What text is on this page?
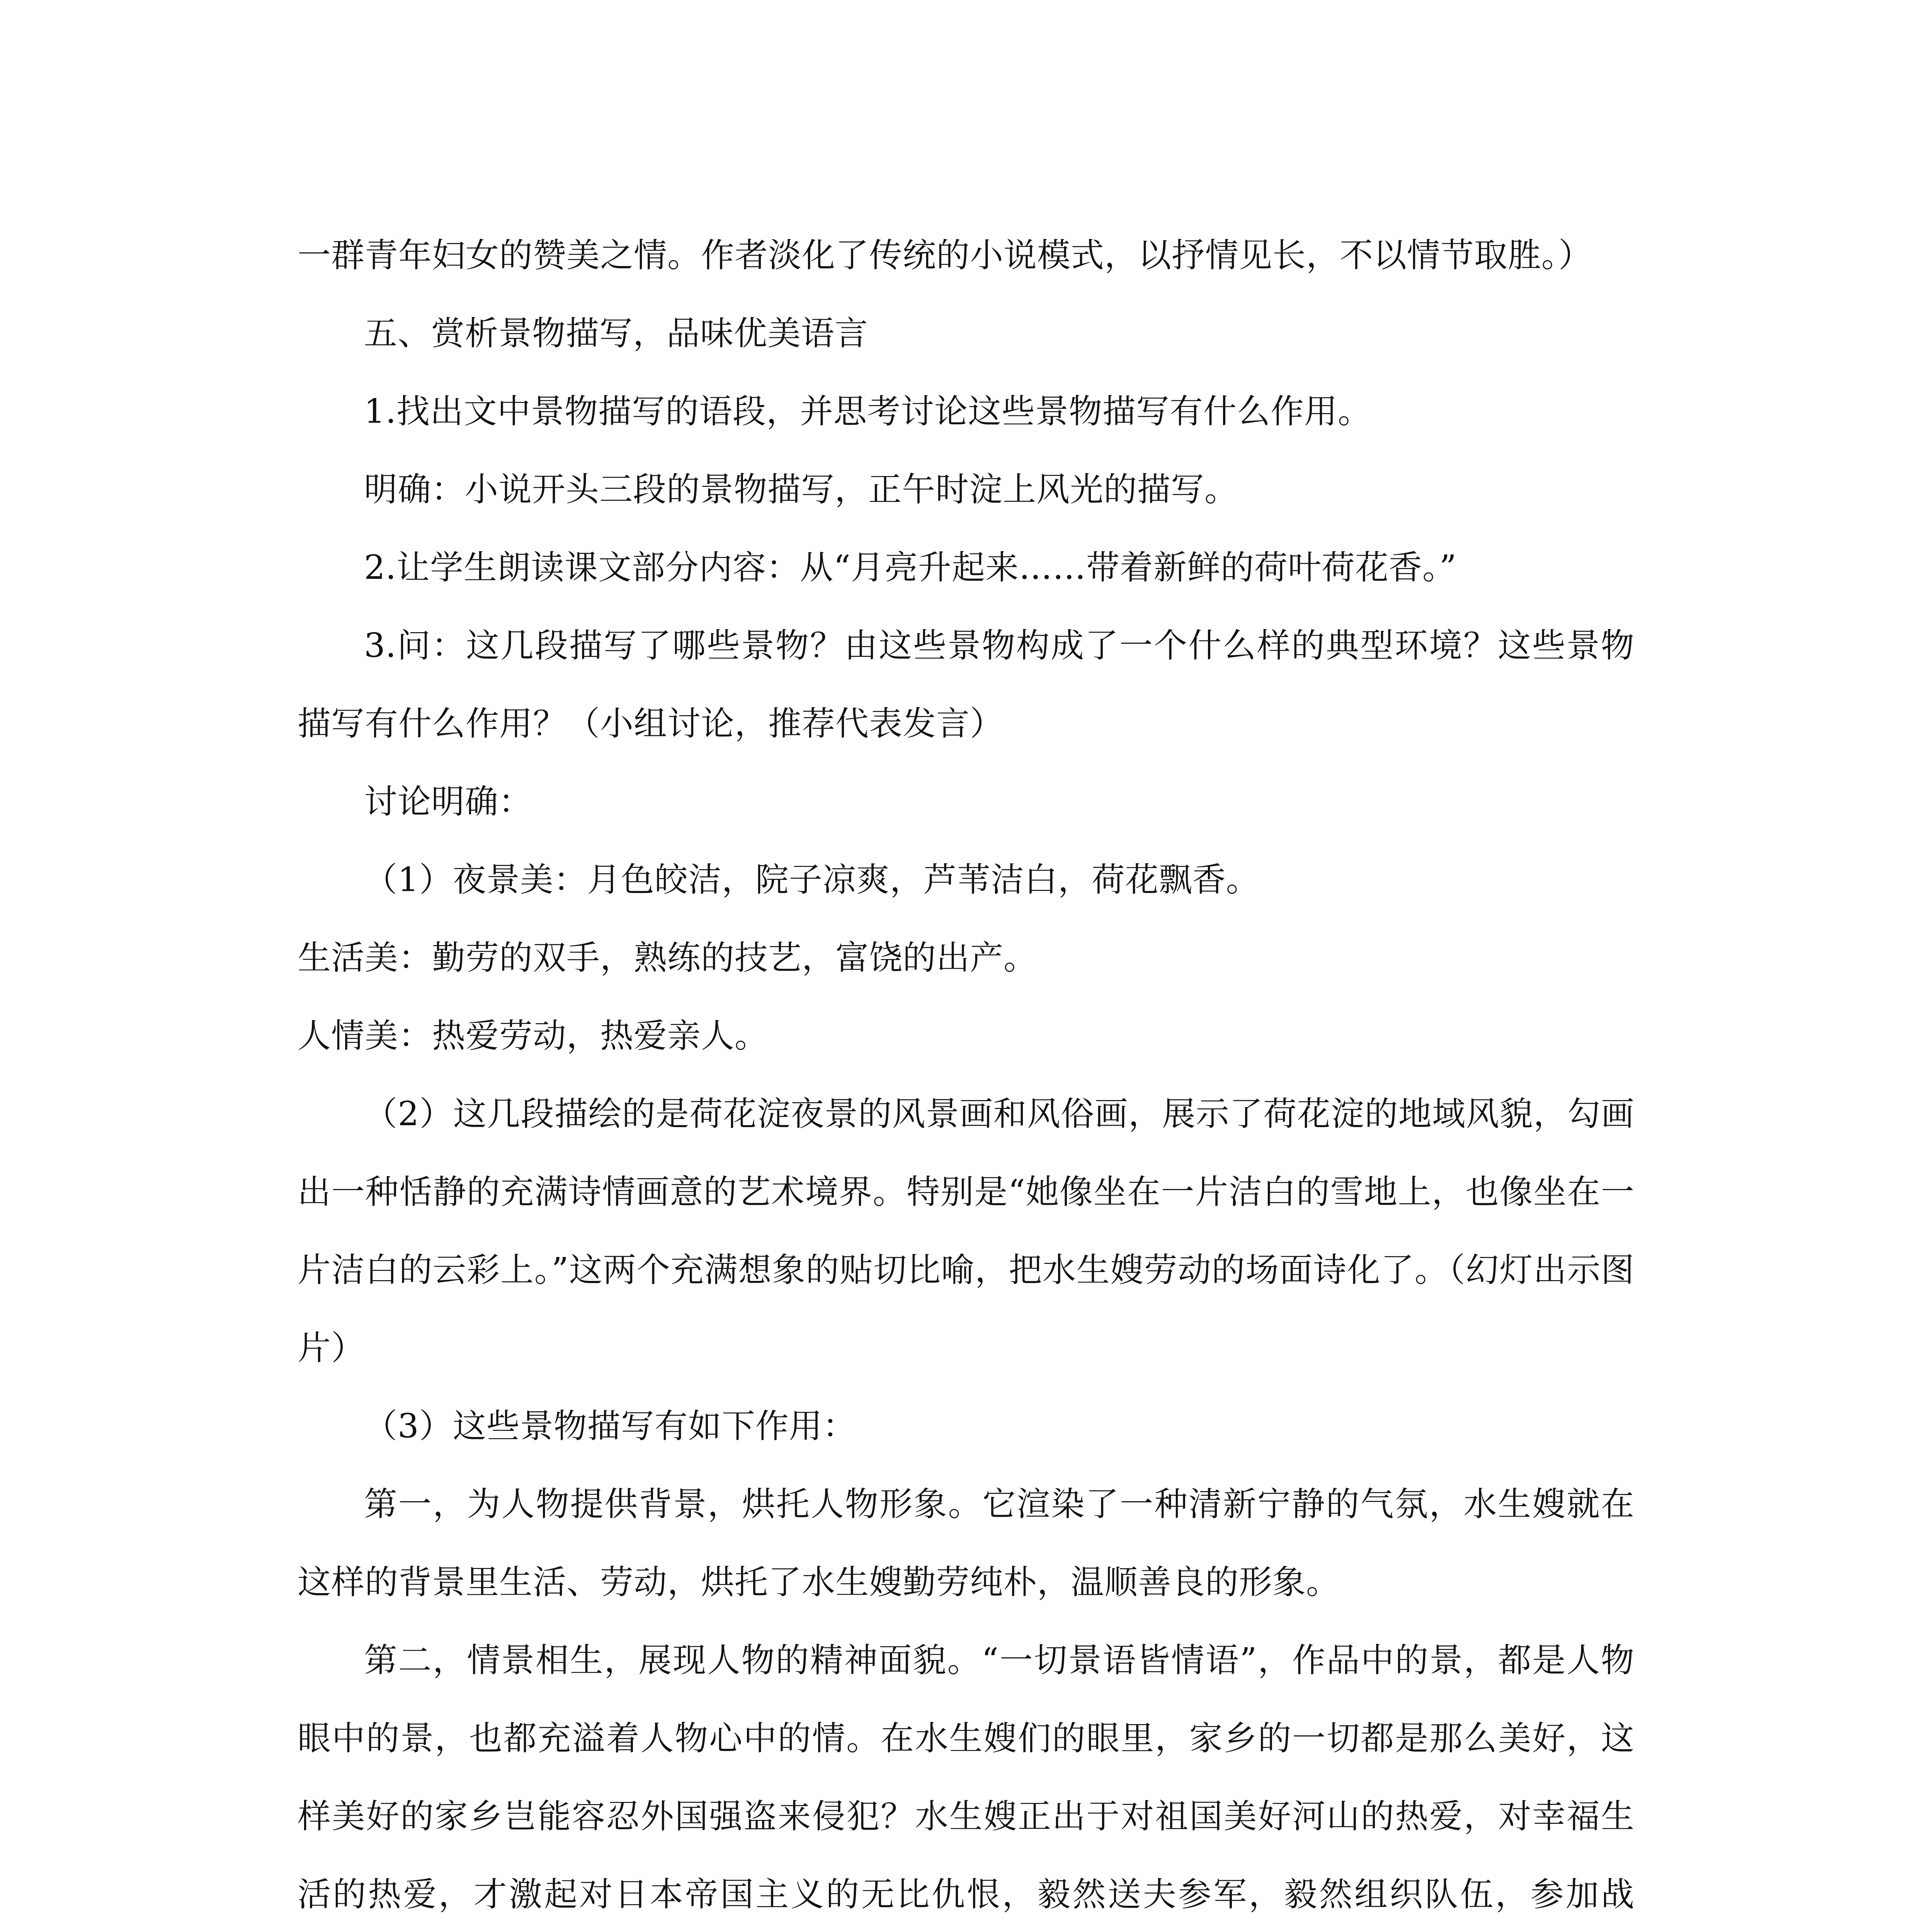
一群青年妇女的赞美之情。作者淡化了传统的小说模式，以抒情见长，不以情节取胜。）

五、赏析景物描写，品味优美语言

1.找出文中景物描写的语段，并思考讨论这些景物描写有什么作用。

明确：小说开头三段的景物描写，正午时淀上风光的描写。

2.让学生朗读课文部分内容：从“月亮升起来……带着新鲜的荷叶荷花香。”

3.问：这几段描写了哪些景物？由这些景物构成了一个什么样的典型环境？这些景物描写有什么作用？（小组讨论，推荐代表发言）

讨论明确：

（1）夜景美：月色皎洁，院子凉爽，芦苇洁白，荷花飘香。

生活美：勤劳的双手，熟练的技艺，富饶的出产。

人情美：热爱劳动，热爱亲人。

（2）这几段描绘的是荷花淀夜景的风景画和风俗画，展示了荷花淀的地域风貌，勾画出一种恬静的充满诗情画意的艺术境界。特别是“她像坐在一片洁白的雪地上，也像坐在一片洁白的云彩上。”这两个充满想象的贴切比喻，把水生嫂劳动的场面诗化了。（幻灯出示图片）

（3）这些景物描写有如下作用：

第一，为人物提供背景，烘托人物形象。它渲染了一种清新宁静的气氛，水生嫂就在这样的背景里生活、劳动，烘托了水生嫂勤劳纯朴，温顺善良的形象。

第二，情景相生，展现人物的精神面貌。“一切景语皆情语”，作品中的景，都是人物眼中的景，也都充溢着人物心中的情。在水生嫂们的眼里，家乡的一切都是那么美好，这样美好的家乡岂能容忍外国强盗来侵犯？水生嫂正出于对祖国美好河山的热爱，对幸福生活的热爱，才激起对日本帝国主义的无比仇恨，毅然送夫参军，毅然组织队伍，参加战
